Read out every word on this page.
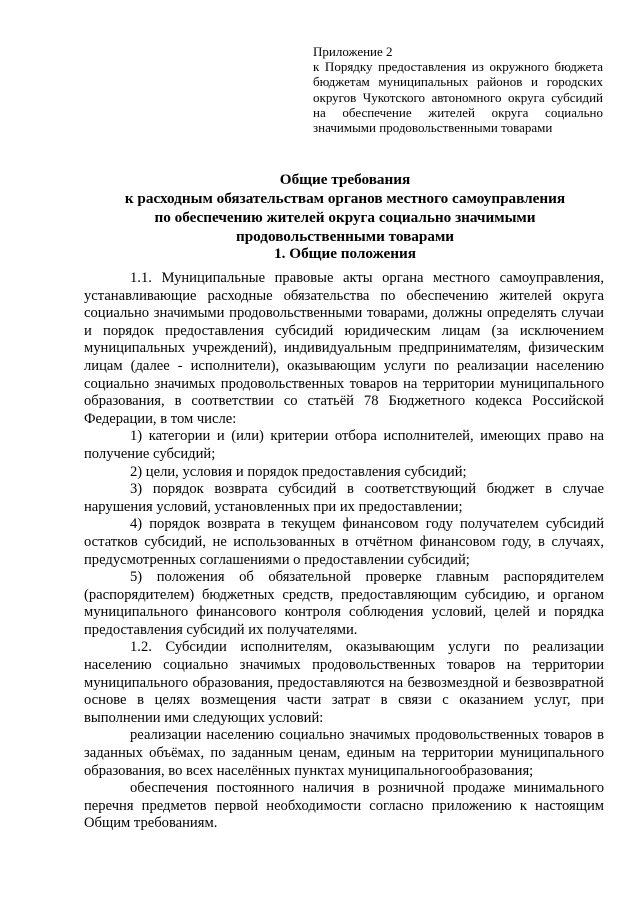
Приложение 2

к Порядку предоставления из окружного бюджета бюджетам муниципальных районов и городских округов Чукотского автономного округа субсидий на обеспечение жителей округа социально значимыми продовольственными товарами

Общие требования
к расходным обязательствам органов местного самоуправления
по обеспечению жителей округа социально значимыми
продовольственными товарами
1. Общие положения

1.1. Муниципальные правовые акты органа местного самоуправления, устанавливающие расходные обязательства по обеспечению жителей округа социально значимыми продовольственными товарами, должны определять случаи и порядок предоставления субсидий юридическим лицам (за исключением муниципальных учреждений), индивидуальным предпринимателям, физическим лицам (далее - исполнители), оказывающим услуги по реализации населению социально значимых продовольственных товаров на территории муниципального образования, в соответствии со статьёй 78 Бюджетного кодекса Российской Федерации, в том числе:

1) категории и (или) критерии отбора исполнителей, имеющих право на получение субсидий;

2) цели, условия и порядок предоставления субсидий;

3) порядок возврата субсидий в соответствующий бюджет в случае нарушения условий, установленных при их предоставлении;

4) порядок возврата в текущем финансовом году получателем субсидий остатков субсидий, не использованных в отчётном финансовом году, в случаях, предусмотренных соглашениями о предоставлении субсидий;

5) положения об обязательной проверке главным распорядителем (распорядителем) бюджетных средств, предоставляющим субсидию, и органом муниципального финансового контроля соблюдения условий, целей и порядка предоставления субсидий их получателями.

1.2. Субсидии исполнителям, оказывающим услуги по реализации населению социально значимых продовольственных товаров на территории муниципального образования, предоставляются на безвозмездной и безвозвратной основе в целях возмещения части затрат в связи с оказанием услуг, при выполнении ими следующих условий:

реализации населению социально значимых продовольственных товаров в заданных объёмах, по заданным ценам, единым на территории муниципального образования, во всех населённых пунктах муниципальногообразования;

обеспечения постоянного наличия в розничной продаже минимального перечня предметов первой необходимости согласно приложению к настоящим Общим требованиям.
